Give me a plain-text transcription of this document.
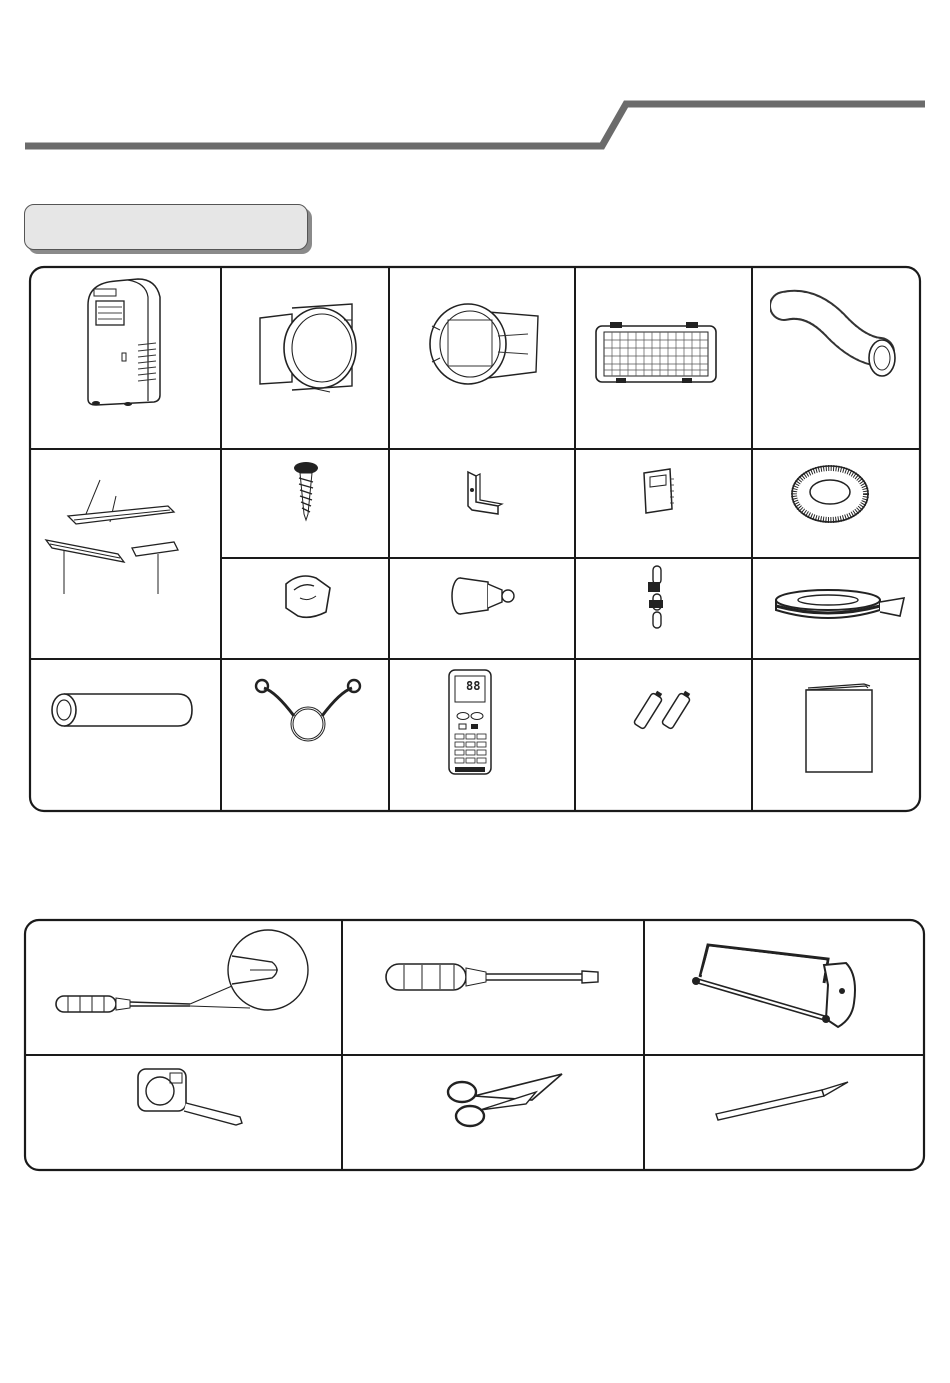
88
